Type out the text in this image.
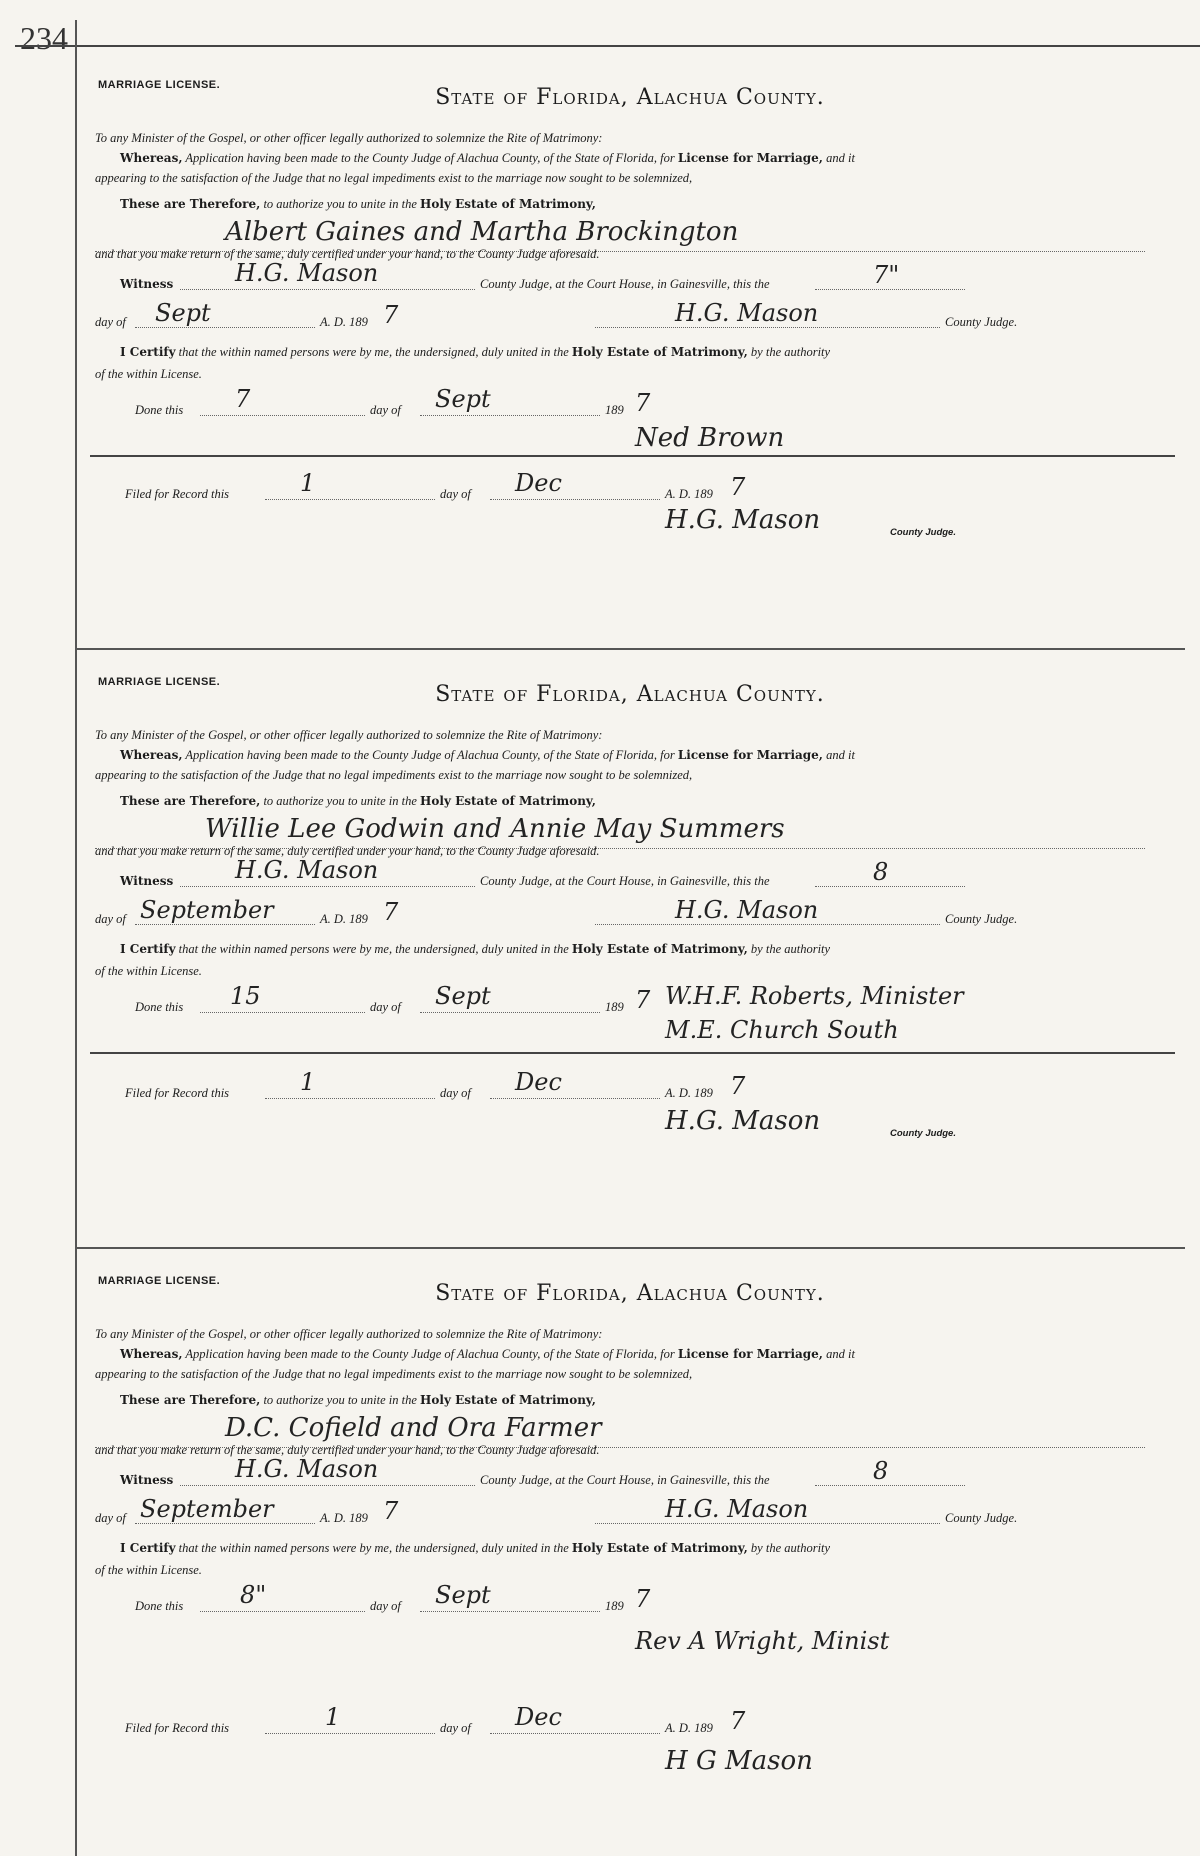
234
MARRIAGE LICENSE.	State of Florida, Alachua County.
To any Minister of the Gospel, or other officer legally authorized to solemnize the Rite of Matrimony:
Whereas, Application having been made to the County Judge of Alachua County, of the State of Florida, for License for Marriage, and it
appearing to the satisfaction of the Judge that no legal impediments exist to the marriage now sought to be solemnized,
These are Therefore, to authorize you to unite in the Holy Estate of Matrimony,
Albert Gaines and Martha Brockington
and that you make return of the same, duly certified under your hand, to the County Judge aforesaid.
Witness	H.G. Mason	County Judge, at the Court House, in Gainesville, this the	7"
day of Sept	A. D. 189 7	H.G. Mason	County Judge.
I Certify that the within named persons were by me, the undersigned, duly united in the Holy Estate of Matrimony, by the authority
of the within License.
Done this 7	day of Sept	189 7
Ned Brown
Filed for Record this	1	day of Dec	A. D. 189 7
H.G. Mason	County Judge.
MARRIAGE LICENSE.	State of Florida, Alachua County.
To any Minister of the Gospel, or other officer legally authorized to solemnize the Rite of Matrimony:
Whereas, Application having been made to the County Judge of Alachua County, of the State of Florida, for License for Marriage, and it
appearing to the satisfaction of the Judge that no legal impediments exist to the marriage now sought to be solemnized,
These are Therefore, to authorize you to unite in the Holy Estate of Matrimony,
Willie Lee Godwin and Annie May Summers
and that you make return of the same, duly certified under your hand, to the County Judge aforesaid.
Witness	H.G. Mason	County Judge, at the Court House, in Gainesville, this the	8
day of September	A. D. 189 7	H.G. Mason	County Judge.
I Certify that the within named persons were by me, the undersigned, duly united in the Holy Estate of Matrimony, by the authority
of the within License.
Done this 15	day of Sept	189 7 W.H.F. Roberts, Minister
M.E. Church South
Filed for Record this	1	day of Dec	A. D. 189 7
H.G. Mason	County Judge.
MARRIAGE LICENSE.	State of Florida, Alachua County.
To any Minister of the Gospel, or other officer legally authorized to solemnize the Rite of Matrimony:
Whereas, Application having been made to the County Judge of Alachua County, of the State of Florida, for License for Marriage, and it
appearing to the satisfaction of the Judge that no legal impediments exist to the marriage now sought to be solemnized,
These are Therefore, to authorize you to unite in the Holy Estate of Matrimony,
D.C. Cofield and Ora Farmer
and that you make return of the same, duly certified under your hand, to the County Judge aforesaid.
Witness	H.G. Mason	County Judge, at the Court House, in Gainesville, this the	8
day of September	A. D. 189 7	H.G. Mason	County Judge.
I Certify that the within named persons were by me, the undersigned, duly united in the Holy Estate of Matrimony, by the authority
of the within License.
Done this 8"	day of Sept	189 7
Rev A Wright, Minist
Filed for Record this	1	day of Dec	A. D. 189 7
H G Mason
